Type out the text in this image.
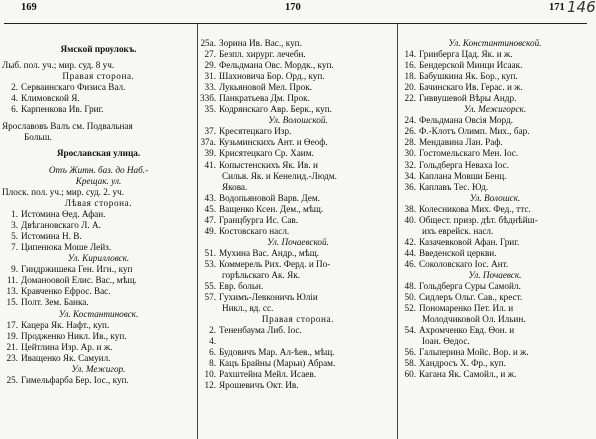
169	170	171 146
Ямской проулокъ.
Лыб. пол. уч.; мир. суд. 8 уч.
Правая сторона.
2. Серваинскаго Физиса Вал.
4. Климовской Я.
6. Карпенкова Ив. Григ.
Ярославовъ Валъ см. Подвальная
Больш.
Ярославская улица.
Отъ Житн. баз. до Наб.-
Крещак. ул.
Плоск. пол. уч.; мир. суд. 2. уч.
Лѣвая сторона.
1. Истомина Ѳед. Афан.
3. Двѣгановскаго Л. А.
5. Истомина Н. В.
7. Ципенюка Моше Лейз.
Ул. Кирилловск.
9. Гиндржишека Ген. Игн., куп
11. Доманоовой Елис. Вас., мѣщ.
13. Кравченко Ефрос. Вас.
15. Полт. Зем. Банка.
Ул. Костантиновск.
17. Кацера Як. Нафт., куп.
19. Продженко Никл. Ив., куп.
21. Цейтлина Изр. Ар. и ж.
23. Иващенко Як. Самуил.
Ул. Межигор.
25. Гимельфарба Бер. Іос., куп.
25а. Зорина Ив. Вас., куп.
27. Безпл. хирург. лечебн.
29. Фельдмана Овс. Мордк., куп.
31. Шахновича Бор. Орд., куп.
33. Лукьяновой Мел. Прок.
33б. Панкратьева Дм. Прок.
35. Кодрянскаго Авр. Берк., куп.
Ул. Волошской.
37. Кресятецкаго Изр.
37а. Кузьминскихъ Ант. и Ѳеоф.
39. Крисятецкаго Ср. Хаим.
41. Копыстенскихъ Як. Ив. и
Сильв. Як. и Кенелид.-Людм.
Якова.
43. Водопьяновой Варв. Дем.
45. Ващенко Ксен. Дем., мѣщ.
47. Гранцбурга Ис. Сав.
49. Костовскаго насл.
Ул. Почаевской.
51. Мухина Вас. Андр., мѣщ.
53. Коммерель Рих. Ферд. и По-
горѣльскаго Ак. Як.
55. Евр. больн.
57. Гухимъ-Левконичъ Юліи
Никл., вд. сс.
Правая сторона.
2. Тененбаума Либ. Іос.
4.
6. Будовичъ Мар. Ал-ѣев., мѣщ.
8. Кацъ Брайны (Марьи) Абрам.
10. Рахштейна Мейл. Исаев.
12. Ярошевичъ Окт. Ив.
Ул. Константиновской.
14. Гринберга Цад. Як. и ж.
16. Бендерской Минци Исаак.
18. Бабушкина Як. Бор., куп.
20. Бачинскаго Ив. Герас. и ж.
22. Гиввушевой Вѣры Андр.
Ул. Межигорск.
24. Фельдмана Овсія Морд.
26. Ф.-Клотъ Олимп. Мих., бар.
28. Мендавина Лан. Раф.
30. Гостомельскаго Мен. Іос.
32. Гольдберга Неваха Іос.
34. Каплана Мовши Бенц.
36. Каплавъ Тес. Юд.
Ул. Волошск.
38. Колесникова Мих. Фед., ттс.
40. Общест. призр. дѣт. бѣднѣйш-
ихъ еврейск. насл.
42. Казачевковой Афан. Григ.
44. Введенской церкви.
46. Соколовскаго Іос. Ант.
Ул. Почаевск.
48. Гольдберга Суры Самойл.
50. Сидлеръ Ольг. Сав., крест.
52. Пономаренко Пет. Ил. и
Молодчиковой Ол. Ильин.
54. Ахромченко Евд. Ѳон. и
Іоан. Ѳедос.
56. Гальперина Мойс. Вор. и ж.
58. Хандросъ Х. Фр., куп.
60. Кагана Як. Самойл., и ж.
